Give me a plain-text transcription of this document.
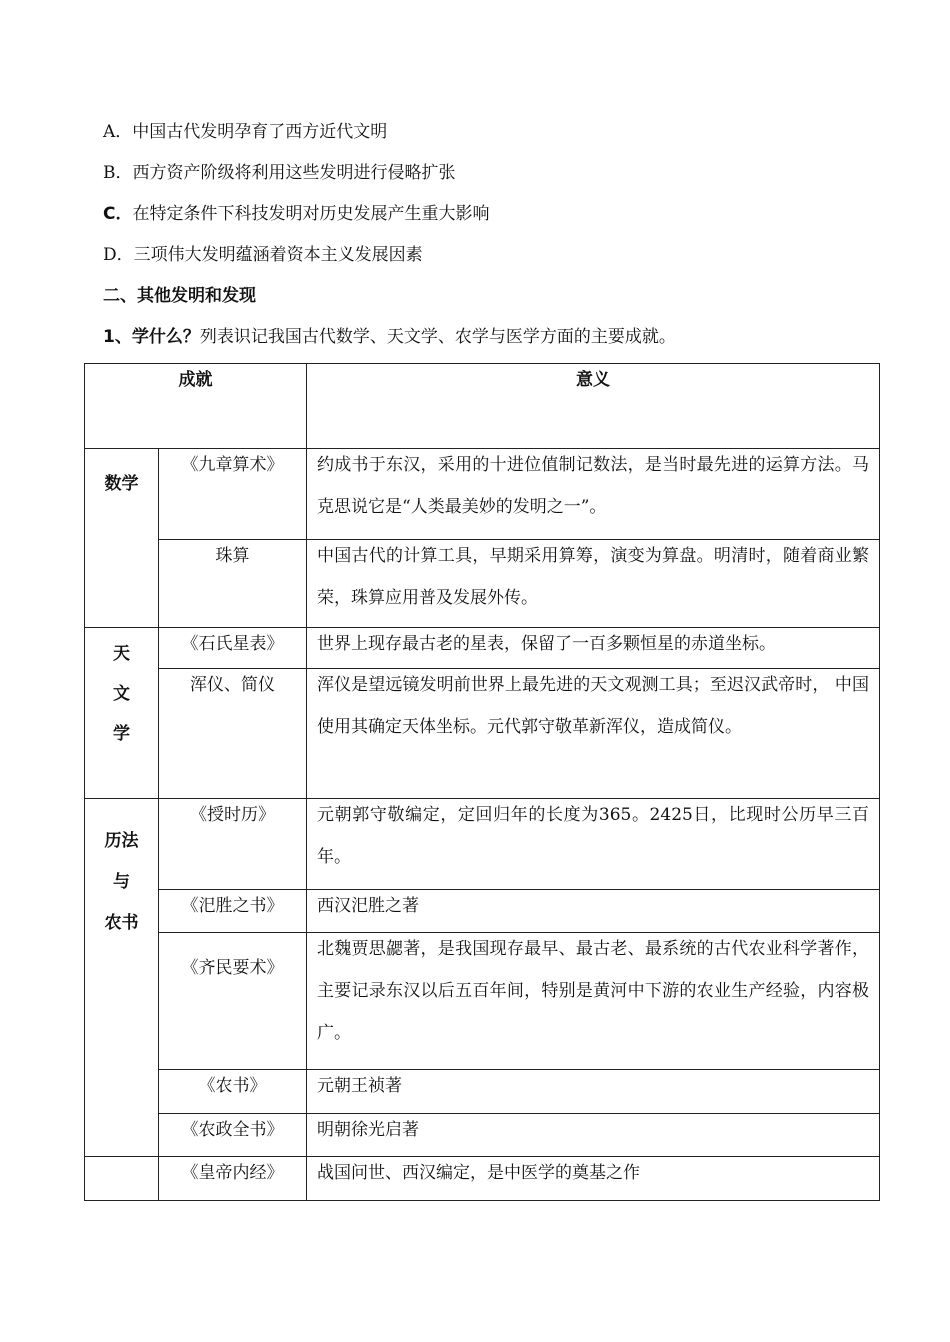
A．中国古代发明孕育了西方近代文明
B．西方资产阶级将利用这些发明进行侵略扩张
C．在特定条件下科技发明对历史发展产生重大影响
D．三项伟大发明蕴涵着资本主义发展因素
二、其他发明和发现
1、学什么？列表识记我国古代数学、天文学、农学与医学方面的主要成就。
成就		意义
数学	《九章算术》	约成书于东汉，采用的十进位值制记数法，是当时最先进的运算方法。马克思说它是“人类最美妙的发明之一”。

	珠算	中国古代的计算工具，早期采用算筹，演变为算盘。明清时，随着商业繁荣，珠算应用普及发展外传。

天
文
学	《石氏星表》	世界上现存最古老的星表，保留了一百多颗恒星的赤道坐标。
	浑仪、简仪	浑仪是望远镜发明前世界上最先进的天文观测工具；至迟汉武帝时， 中国使用其确定天体坐标。元代郭守敬革新浑仪，造成简仪。

历法
与
农书	《授时历》	元朝郭守敬编定，定回归年的长度为365。2425日，比现时公历早三百年。

	《汜胜之书》	西汉汜胜之著
	《齐民要术》	北魏贾思勰著，是我国现存最早、最古老、最系统的古代农业科学著作，主要记录东汉以后五百年间，特别是黄河中下游的农业生产经验，内容极广。

	《农书》	元朝王祯著
	《农政全书》	明朝徐光启著
	《皇帝内经》	战国问世、西汉编定，是中医学的奠基之作
